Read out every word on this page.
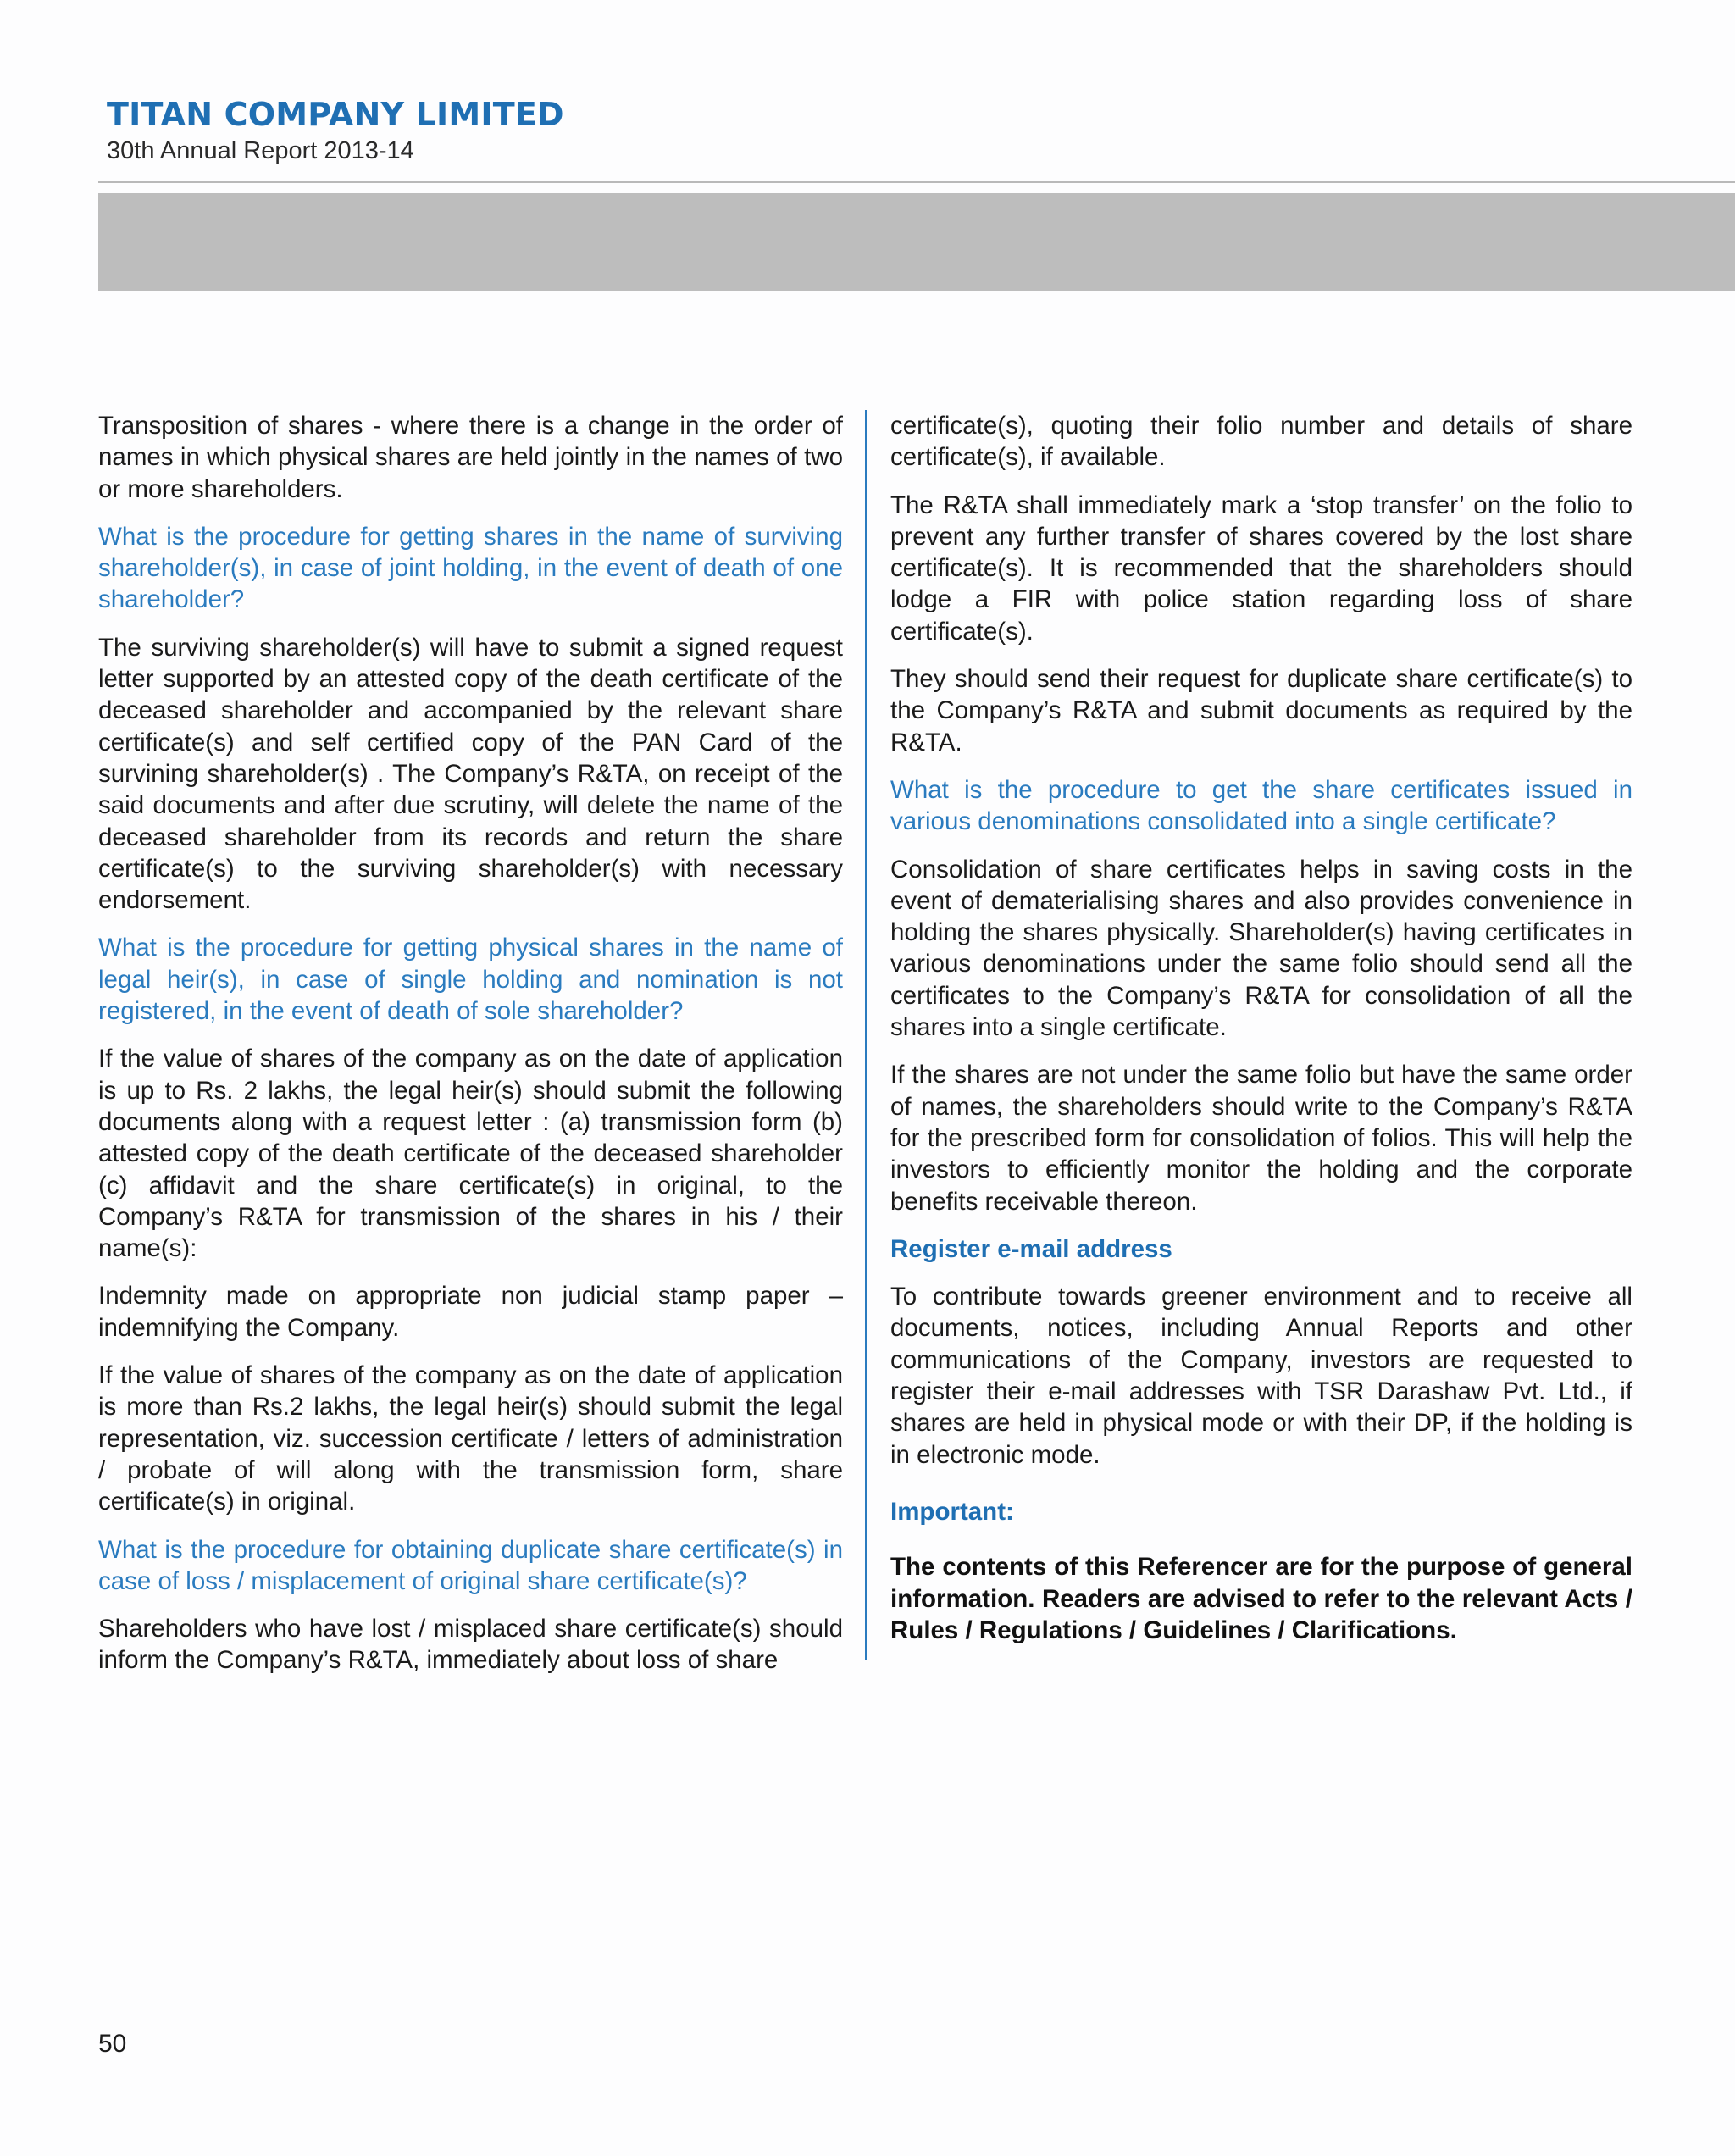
TITAN COMPANY LIMITED
30th Annual Report 2013-14

Transposition of shares - where there is a change in the order of names in which physical shares are held jointly in the names of two or more shareholders.

What is the procedure for getting shares in the name of surviving shareholder(s), in case of joint holding, in the event of death of one shareholder?

The surviving shareholder(s) will have to submit a signed request letter supported by an attested copy of the death certificate of the deceased shareholder and accompanied by the relevant share certificate(s) and self certified copy of the PAN Card of the survining shareholder(s) . The Company’s R&TA, on receipt of the said documents and after due scrutiny, will delete the name of the deceased shareholder from its records and return the share certificate(s) to the surviving shareholder(s) with necessary endorsement.

What is the procedure for getting physical shares in the name of legal heir(s), in case of single holding and nomination is not registered, in the event of death of sole shareholder?

If the value of shares of the company as on the date of application is up to Rs. 2 lakhs, the legal heir(s) should submit the following documents along with a request letter : (a) transmission form (b) attested copy of the death certificate of the deceased shareholder (c) affidavit and the share certificate(s) in original, to the Company’s R&TA for transmission of the shares in his / their name(s):

Indemnity made on appropriate non judicial stamp paper – indemnifying the Company.

If the value of shares of the company as on the date of application is more than Rs.2 lakhs, the legal heir(s) should submit the legal representation, viz. succession certificate / letters of administration / probate of will along with the transmission form, share certificate(s) in original.

What is the procedure for obtaining duplicate share certificate(s) in case of loss / misplacement of original share certificate(s)?

Shareholders who have lost / misplaced share certificate(s) should inform the Company’s R&TA, immediately about loss of share

certificate(s), quoting their folio number and details of share certificate(s), if available.

The R&TA shall immediately mark a ‘stop transfer’ on the folio to prevent any further transfer of shares covered by the lost share certificate(s). It is recommended that the shareholders should lodge a FIR with police station regarding loss of share certificate(s).

They should send their request for duplicate share certificate(s) to the Company’s R&TA and submit documents as required by the R&TA.

What is the procedure to get the share certificates issued in various denominations consolidated into a single certificate?

Consolidation of share certificates helps in saving costs in the event of dematerialising shares and also provides convenience in holding the shares physically. Shareholder(s) having certificates in various denominations under the same folio should send all the certificates to the Company’s R&TA for consolidation of all the shares into a single certificate.

If the shares are not under the same folio but have the same order of names, the shareholders should write to the Company’s R&TA for the prescribed form for consolidation of folios. This will help the investors to efficiently monitor the holding and the corporate benefits receivable thereon.

Register e-mail address

To contribute towards greener environment and to receive all documents, notices, including Annual Reports and other communications of the Company, investors are requested to register their e-mail addresses with TSR Darashaw Pvt. Ltd., if shares are held in physical mode or with their DP, if the holding is in electronic mode.

Important:

The contents of this Referencer are for the purpose of general information. Readers are advised to refer to the relevant Acts / Rules / Regulations / Guidelines / Clarifications.

50
